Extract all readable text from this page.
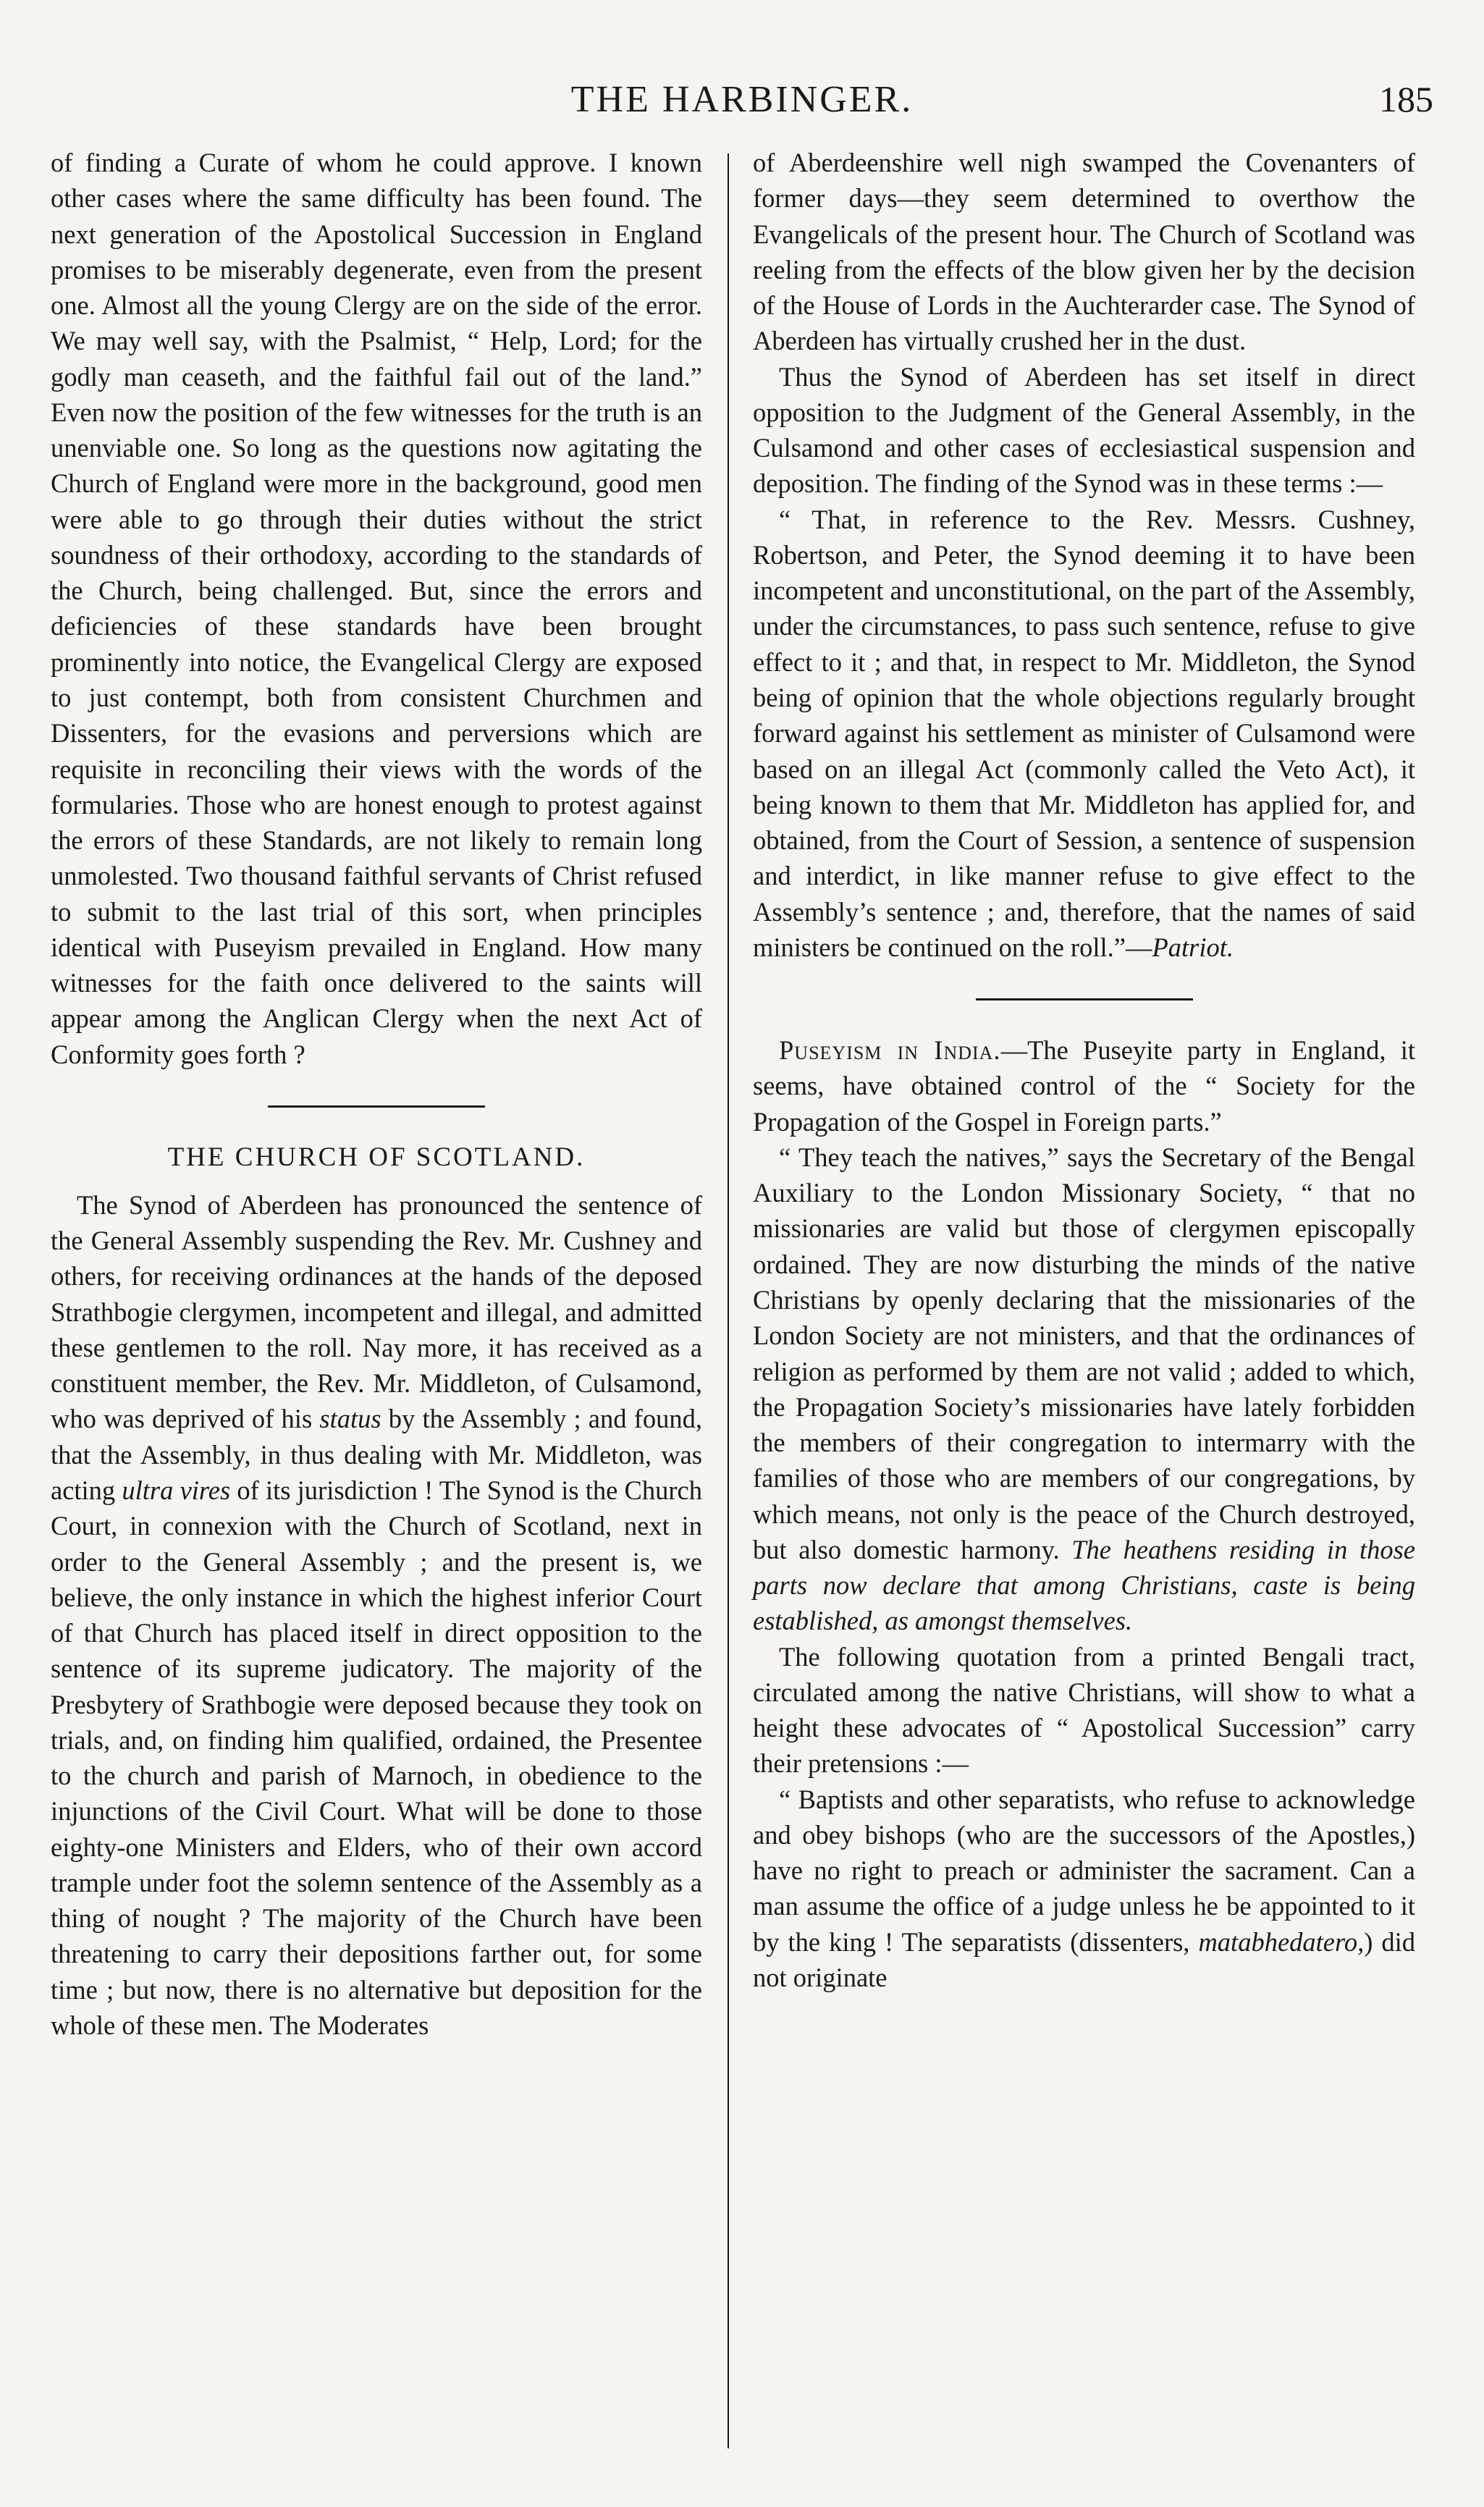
THE HARBINGER.	185

of finding a Curate of whom he could approve. I known other cases where the same difficulty has been found. The next generation of the Apostolical Succession in England promises to be miserably degenerate, even from the present one. Almost all the young Clergy are on the side of the error. We may well say, with the Psalmist, “ Help, Lord; for the godly man ceaseth, and the faithful fail out of the land.” Even now the position of the few witnesses for the truth is an unenviable one. So long as the questions now agitating the Church of England were more in the background, good men were able to go through their duties without the strict soundness of their orthodoxy, according to the standards of the Church, being challenged. But, since the errors and deficiencies of these standards have been brought prominently into notice, the Evangelical Clergy are exposed to just contempt, both from consistent Churchmen and Dissenters, for the evasions and perversions which are requisite in reconciling their views with the words of the formularies. Those who are honest enough to protest against the errors of these Standards, are not likely to remain long unmolested. Two thousand faithful servants of Christ refused to submit to the last trial of this sort, when principles identical with Puseyism prevailed in England. How many witnesses for the faith once delivered to the saints will appear among the Anglican Clergy when the next Act of Conformity goes forth ?

THE CHURCH OF SCOTLAND.

The Synod of Aberdeen has pronounced the sentence of the General Assembly suspending the Rev. Mr. Cushney and others, for receiving ordinances at the hands of the deposed Strathbogie clergymen, incompetent and illegal, and admitted these gentlemen to the roll. Nay more, it has received as a constituent member, the Rev. Mr. Middleton, of Culsamond, who was deprived of his status by the Assembly ; and found, that the Assembly, in thus dealing with Mr. Middleton, was acting ultra vires of its jurisdiction ! The Synod is the Church Court, in connexion with the Church of Scotland, next in order to the General Assembly ; and the present is, we believe, the only instance in which the highest inferior Court of that Church has placed itself in direct opposition to the sentence of its supreme judicatory. The majority of the Presbytery of Srathbogie were deposed because they took on trials, and, on finding him qualified, ordained, the Presentee to the church and parish of Marnoch, in obedience to the injunctions of the Civil Court. What will be done to those eighty-one Ministers and Elders, who of their own accord trample under foot the solemn sentence of the Assembly as a thing of nought ? The majority of the Church have been threatening to carry their depositions farther out, for some time ; but now, there is no alternative but deposition for the whole of these men. The Moderates

of Aberdeenshire well nigh swamped the Covenanters of former days—they seem determined to overthow the Evangelicals of the present hour. The Church of Scotland was reeling from the effects of the blow given her by the decision of the House of Lords in the Auchterarder case. The Synod of Aberdeen has virtually crushed her in the dust.

Thus the Synod of Aberdeen has set itself in direct opposition to the Judgment of the General Assembly, in the Culsamond and other cases of ecclesiastical suspension and deposition. The finding of the Synod was in these terms :—

“ That, in reference to the Rev. Messrs. Cushney, Robertson, and Peter, the Synod deeming it to have been incompetent and unconstitutional, on the part of the Assembly, under the circumstances, to pass such sentence, refuse to give effect to it ; and that, in respect to Mr. Middleton, the Synod being of opinion that the whole objections regularly brought forward against his settlement as minister of Culsamond were based on an illegal Act (commonly called the Veto Act), it being known to them that Mr. Middleton has applied for, and obtained, from the Court of Session, a sentence of suspension and interdict, in like manner refuse to give effect to the Assembly’s sentence ; and, therefore, that the names of said ministers be continued on the roll.”—Patriot.

Puseyism in India.—The Puseyite party in England, it seems, have obtained control of the “ Society for the Propagation of the Gospel in Foreign parts.”

“ They teach the natives,” says the Secretary of the Bengal Auxiliary to the London Missionary Society, “ that no missionaries are valid but those of clergymen episcopally ordained. They are now disturbing the minds of the native Christians by openly declaring that the missionaries of the London Society are not ministers, and that the ordinances of religion as performed by them are not valid ; added to which, the Propagation Society’s missionaries have lately forbidden the members of their congregation to intermarry with the families of those who are members of our congregations, by which means, not only is the peace of the Church destroyed, but also domestic harmony. The heathens residing in those parts now declare that among Christians, caste is being established, as amongst themselves.

The following quotation from a printed Bengali tract, circulated among the native Christians, will show to what a height these advocates of “ Apostolical Succession” carry their pretensions :—

“ Baptists and other separatists, who refuse to acknowledge and obey bishops (who are the successors of the Apostles,) have no right to preach or administer the sacrament. Can a man assume the office of a judge unless he be appointed to it by the king ! The separatists (dissenters, matabhedatero,) did not originate
